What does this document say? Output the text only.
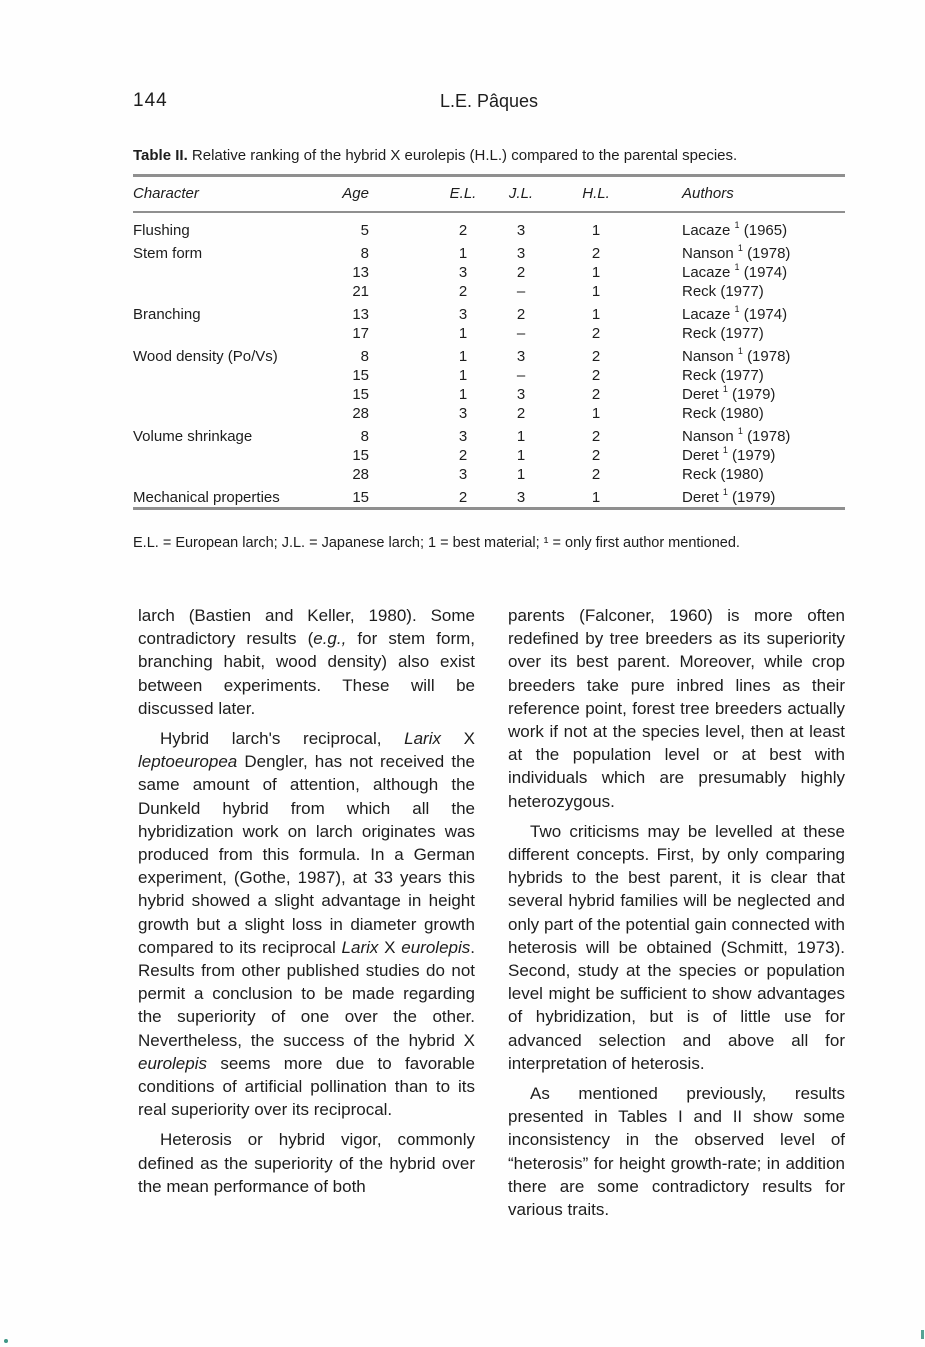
144	L.E. Pâques
Table II. Relative ranking of the hybrid X eurolepis (H.L.) compared to the parental species.
Character	Age	E.L.	J.L.	H.L.	Authors
Flushing	5	2	3	1	Lacaze $^1$ (1965)
Stem form	8	1	3	2	Nanson $^1$ (1978)
13	3	2	1	Lacaze $^1$ (1974)
21	2	–	1	Reck (1977)
Branching	13	3	2	1	Lacaze $^1$ (1974)
17	1	–	2	Reck (1977)
Wood density (Po/Vs)	8	1	3	2	Nanson $^1$ (1978)
15	1	–	2	Reck (1977)
15	1	3	2	Deret $^1$ (1979)
28	3	2	1	Reck (1980)
Volume shrinkage	8	3	1	2	Nanson $^1$ (1978)
15	2	1	2	Deret $^1$ (1979)
28	3	1	2	Reck (1980)
Mechanical properties	15	2	3	1	Deret $^1$ (1979)
E.L. = European larch; J.L. = Japanese larch; 1 = best material; ¹ = only first author mentioned.

larch (Bastien and Keller, 1980). Some contradictory results (e.g., for stem form, branching habit, wood density) also exist between experiments. These will be discussed later.

Hybrid larch's reciprocal, Larix X leptoeuropea Dengler, has not received the same amount of attention, although the Dunkeld hybrid from which all the hybridization work on larch originates was produced from this formula. In a German experiment, (Gothe, 1987), at 33 years this hybrid showed a slight advantage in height growth but a slight loss in diameter growth compared to its reciprocal Larix X eurolepis. Results from other published studies do not permit a conclusion to be made regarding the superiority of one over the other. Nevertheless, the success of the hybrid X eurolepis seems more due to favorable conditions of artificial pollination than to its real superiority over its reciprocal.

Heterosis or hybrid vigor, commonly defined as the superiority of the hybrid over the mean performance of both

parents (Falconer, 1960) is more often redefined by tree breeders as its superiority over its best parent. Moreover, while crop breeders take pure inbred lines as their reference point, forest tree breeders actually work if not at the species level, then at least at the population level or at best with individuals which are presumably highly heterozygous.

Two criticisms may be levelled at these different concepts. First, by only comparing hybrids to the best parent, it is clear that several hybrid families will be neglected and only part of the potential gain connected with heterosis will be obtained (Schmitt, 1973). Second, study at the species or population level might be sufficient to show advantages of hybridization, but is of little use for advanced selection and above all for interpretation of heterosis.

As mentioned previously, results presented in Tables I and II show some inconsistency in the observed level of “heterosis” for height growth-rate; in addition there are some contradictory results for various traits.
